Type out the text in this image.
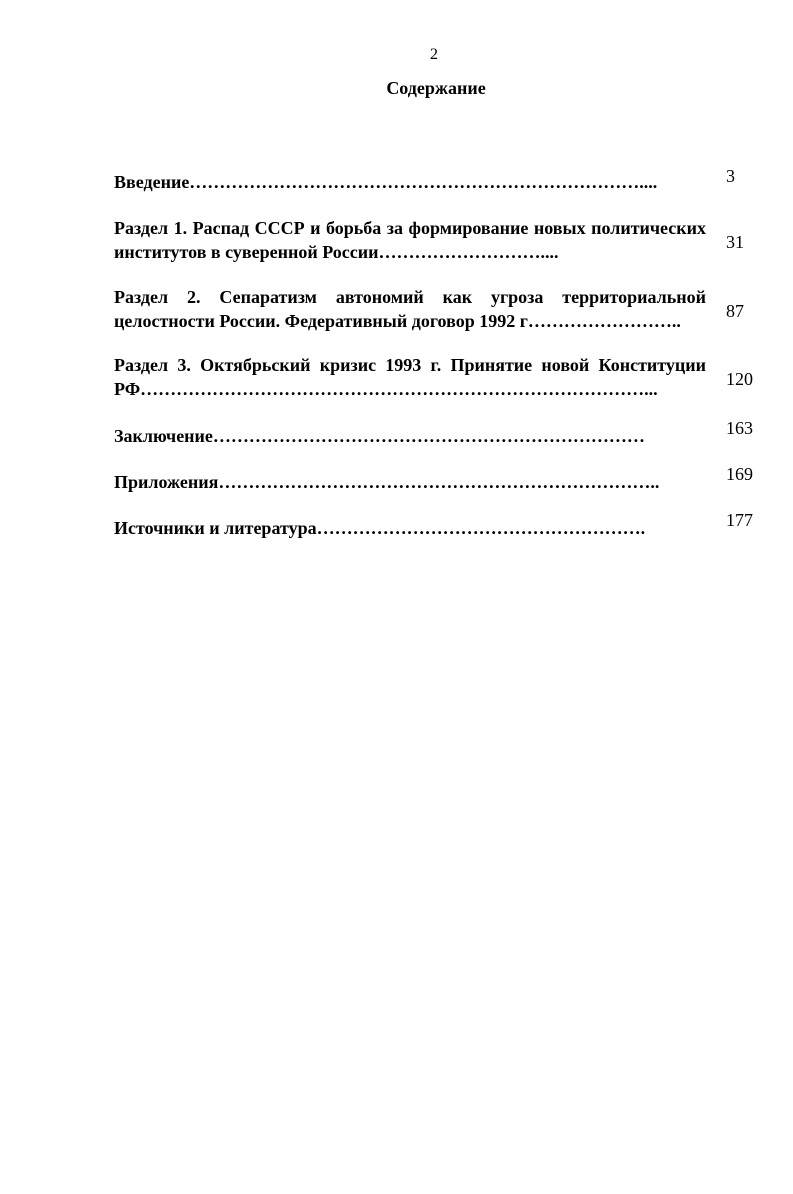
2
Содержание
Введение…………………………………………………………………....	3
Раздел 1. Распад СССР и борьба за формирование новых политических институтов в суверенной России………………………....	31
Раздел 2. Сепаратизм автономий как угроза территориальной целостности России. Федеративный договор 1992 г……………………..	87
Раздел 3. Октябрьский кризис 1993 г. Принятие новой Конституции РФ…………………………………………………………………………...	120
Заключение………………………………………………………………	163
Приложения………………………………………………………………..	169
Источники и литература……………………………………………….	177
